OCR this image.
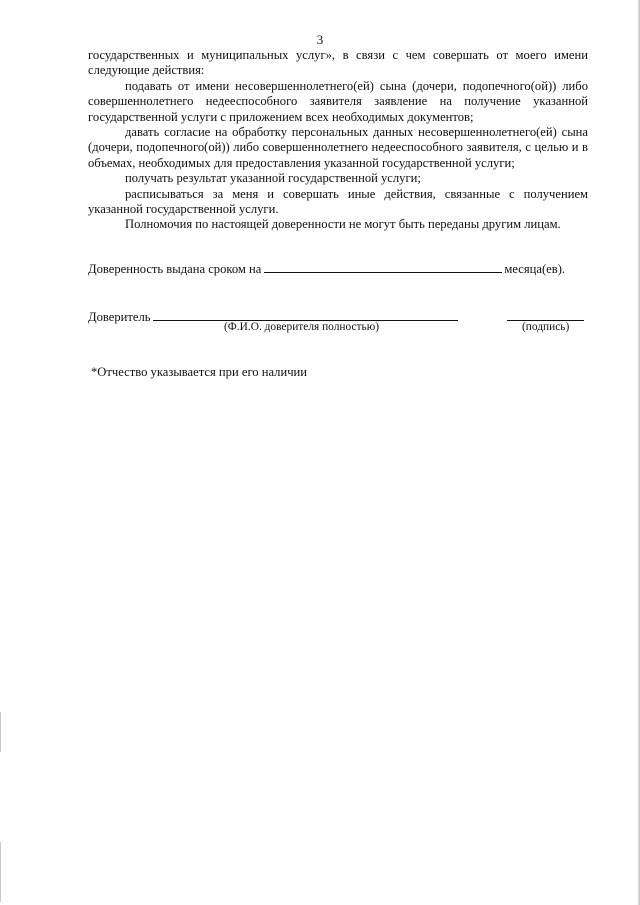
3

государственных и муниципальных услуг», в связи с чем совершать от моего имени следующие действия:

подавать от имени несовершеннолетнего(ей) сына (дочери, подопечного(ой)) либо совершеннолетнего недееспособного заявителя заявление на получение указанной государственной услуги с приложением всех необходимых документов;

давать согласие на обработку персональных данных несовершеннолетнего(ей) сына (дочери, подопечного(ой)) либо совершеннолетнего недееспособного заявителя, с целью и в объемах, необходимых для предоставления указанной государственной услуги;

получать результат указанной государственной услуги;

расписываться за меня и совершать иные действия, связанные с получением указанной государственной услуги.

Полномочия по настоящей доверенности не могут быть переданы другим лицам.

Доверенность выдана сроком на	месяца(ев).
Доверитель
(Ф.И.О. доверителя полностью)	(подпись)
*Отчество указывается при его наличии
